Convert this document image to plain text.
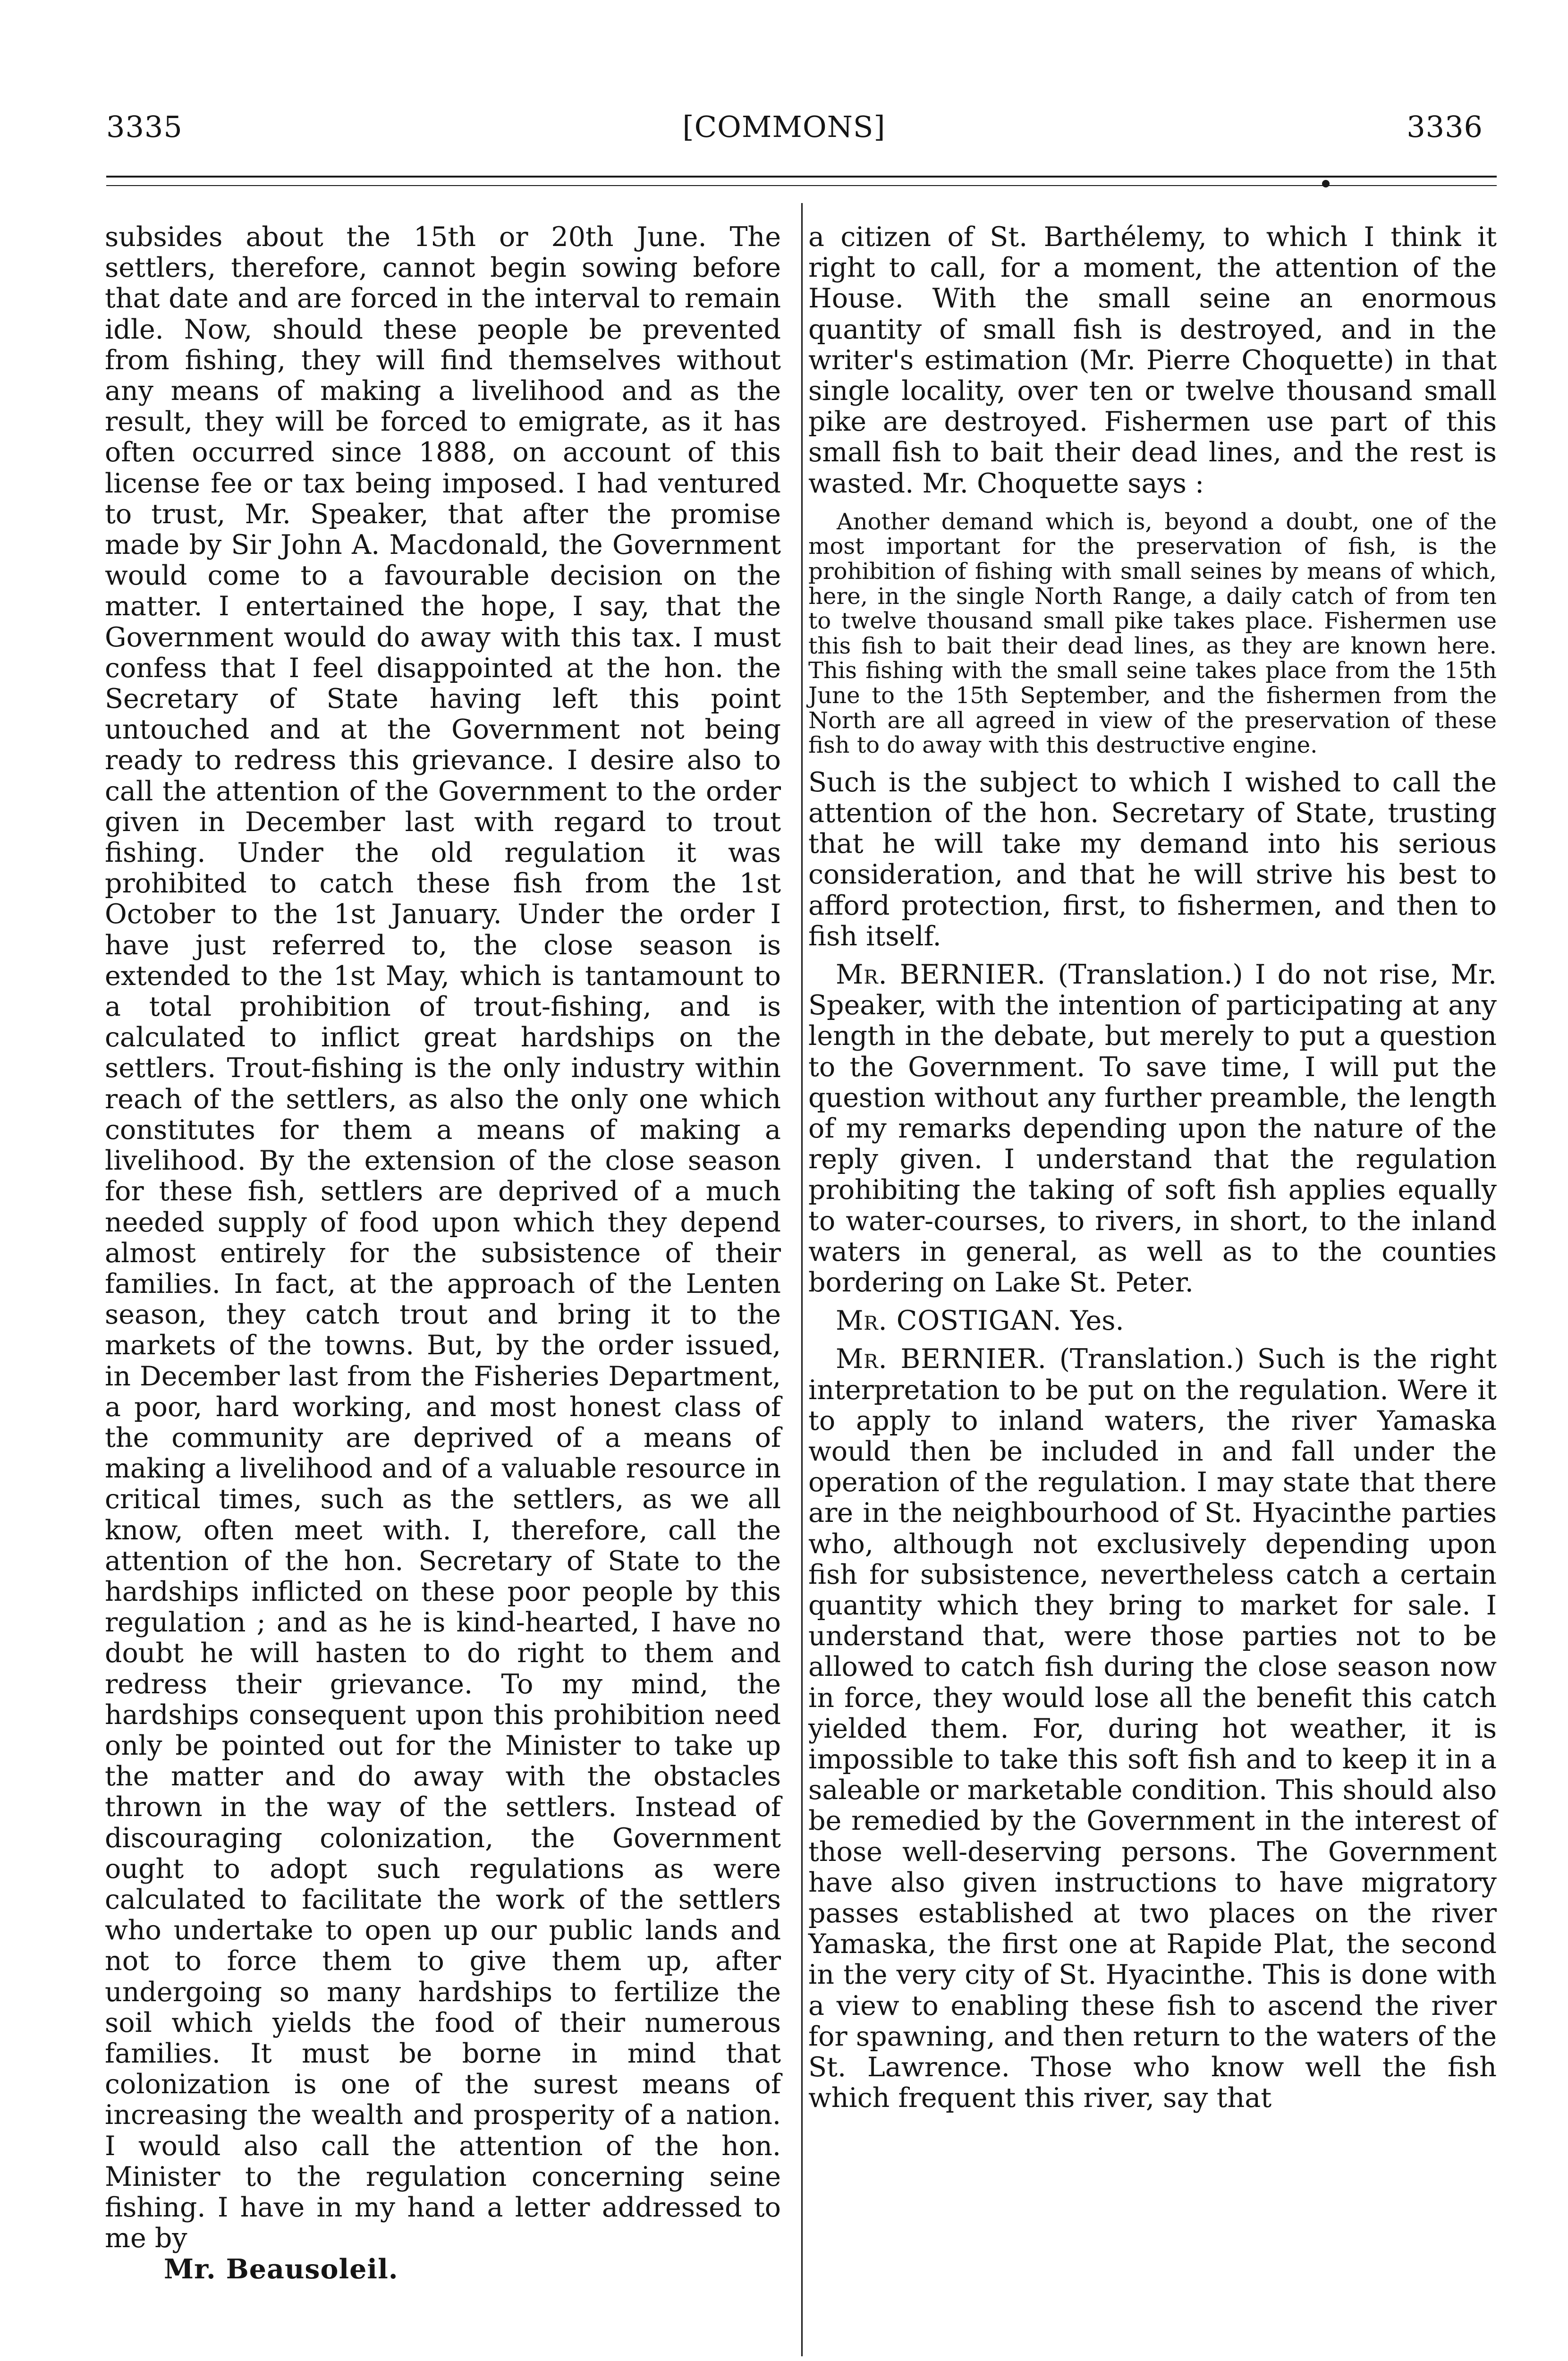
3335	[COMMONS]	3336

subsides about the 15th or 20th June. The settlers, therefore, cannot begin sowing before that date and are forced in the interval to remain idle. Now, should these people be prevented from fishing, they will find themselves without any means of making a livelihood and as the result, they will be forced to emigrate, as it has often occurred since 1888, on account of this license fee or tax being imposed. I had ventured to trust, Mr. Speaker, that after the promise made by Sir John A. Macdonald, the Government would come to a favourable decision on the matter. I entertained the hope, I say, that the Government would do away with this tax. I must confess that I feel disappointed at the hon. the Secretary of State having left this point untouched and at the Government not being ready to redress this grievance. I desire also to call the attention of the Government to the order given in December last with regard to trout fishing. Under the old regulation it was prohibited to catch these fish from the 1st October to the 1st January. Under the order I have just referred to, the close season is extended to the 1st May, which is tantamount to a total prohibition of trout-fishing, and is calculated to inflict great hardships on the settlers. Trout-fishing is the only industry within reach of the settlers, as also the only one which constitutes for them a means of making a livelihood. By the extension of the close season for these fish, settlers are deprived of a much needed supply of food upon which they depend almost entirely for the subsistence of their families. In fact, at the approach of the Lenten season, they catch trout and bring it to the markets of the towns. But, by the order issued, in December last from the Fisheries Department, a poor, hard working, and most honest class of the community are deprived of a means of making a livelihood and of a valuable resource in critical times, such as the settlers, as we all know, often meet with. I, therefore, call the attention of the hon. Secretary of State to the hardships inflicted on these poor people by this regulation ; and as he is kind-hearted, I have no doubt he will hasten to do right to them and redress their grievance. To my mind, the hardships consequent upon this prohibition need only be pointed out for the Minister to take up the matter and do away with the obstacles thrown in the way of the settlers. Instead of discouraging colonization, the Government ought to adopt such regulations as were calculated to facilitate the work of the settlers who undertake to open up our public lands and not to force them to give them up, after undergoing so many hardships to fertilize the soil which yields the food of their numerous families. It must be borne in mind that colonization is one of the surest means of increasing the wealth and prosperity of a nation. I would also call the attention of the hon. Minister to the regulation concerning seine fishing. I have in my hand a letter addressed to me by

Mr. Beausoleil.

a citizen of St. Barthélemy, to which I think it right to call, for a moment, the attention of the House. With the small seine an enormous quantity of small fish is destroyed, and in the writer's estimation (Mr. Pierre Choquette) in that single locality, over ten or twelve thousand small pike are destroyed. Fishermen use part of this small fish to bait their dead lines, and the rest is wasted. Mr. Choquette says :

Another demand which is, beyond a doubt, one of the most important for the preservation of fish, is the prohibition of fishing with small seines by means of which, here, in the single North Range, a daily catch of from ten to twelve thousand small pike takes place. Fishermen use this fish to bait their dead lines, as they are known here. This fishing with the small seine takes place from the 15th June to the 15th September, and the fishermen from the North are all agreed in view of the preservation of these fish to do away with this destructive engine.

Such is the subject to which I wished to call the attention of the hon. Secretary of State, trusting that he will take my demand into his serious consideration, and that he will strive his best to afford protection, first, to fishermen, and then to fish itself.

Mr. BERNIER. (Translation.) I do not rise, Mr. Speaker, with the intention of participating at any length in the debate, but merely to put a question to the Government. To save time, I will put the question without any further preamble, the length of my remarks depending upon the nature of the reply given. I understand that the regulation prohibiting the taking of soft fish applies equally to water-courses, to rivers, in short, to the inland waters in general, as well as to the counties bordering on Lake St. Peter.

Mr. COSTIGAN. Yes.

Mr. BERNIER. (Translation.) Such is the right interpretation to be put on the regulation. Were it to apply to inland waters, the river Yamaska would then be included in and fall under the operation of the regulation. I may state that there are in the neighbourhood of St. Hyacinthe parties who, although not exclusively depending upon fish for subsistence, nevertheless catch a certain quantity which they bring to market for sale. I understand that, were those parties not to be allowed to catch fish during the close season now in force, they would lose all the benefit this catch yielded them. For, during hot weather, it is impossible to take this soft fish and to keep it in a saleable or marketable condition. This should also be remedied by the Government in the interest of those well-deserving persons. The Government have also given instructions to have migratory passes established at two places on the river Yamaska, the first one at Rapide Plat, the second in the very city of St. Hyacinthe. This is done with a view to enabling these fish to ascend the river for spawning, and then return to the waters of the St. Lawrence. Those who know well the fish which frequent this river, say that
